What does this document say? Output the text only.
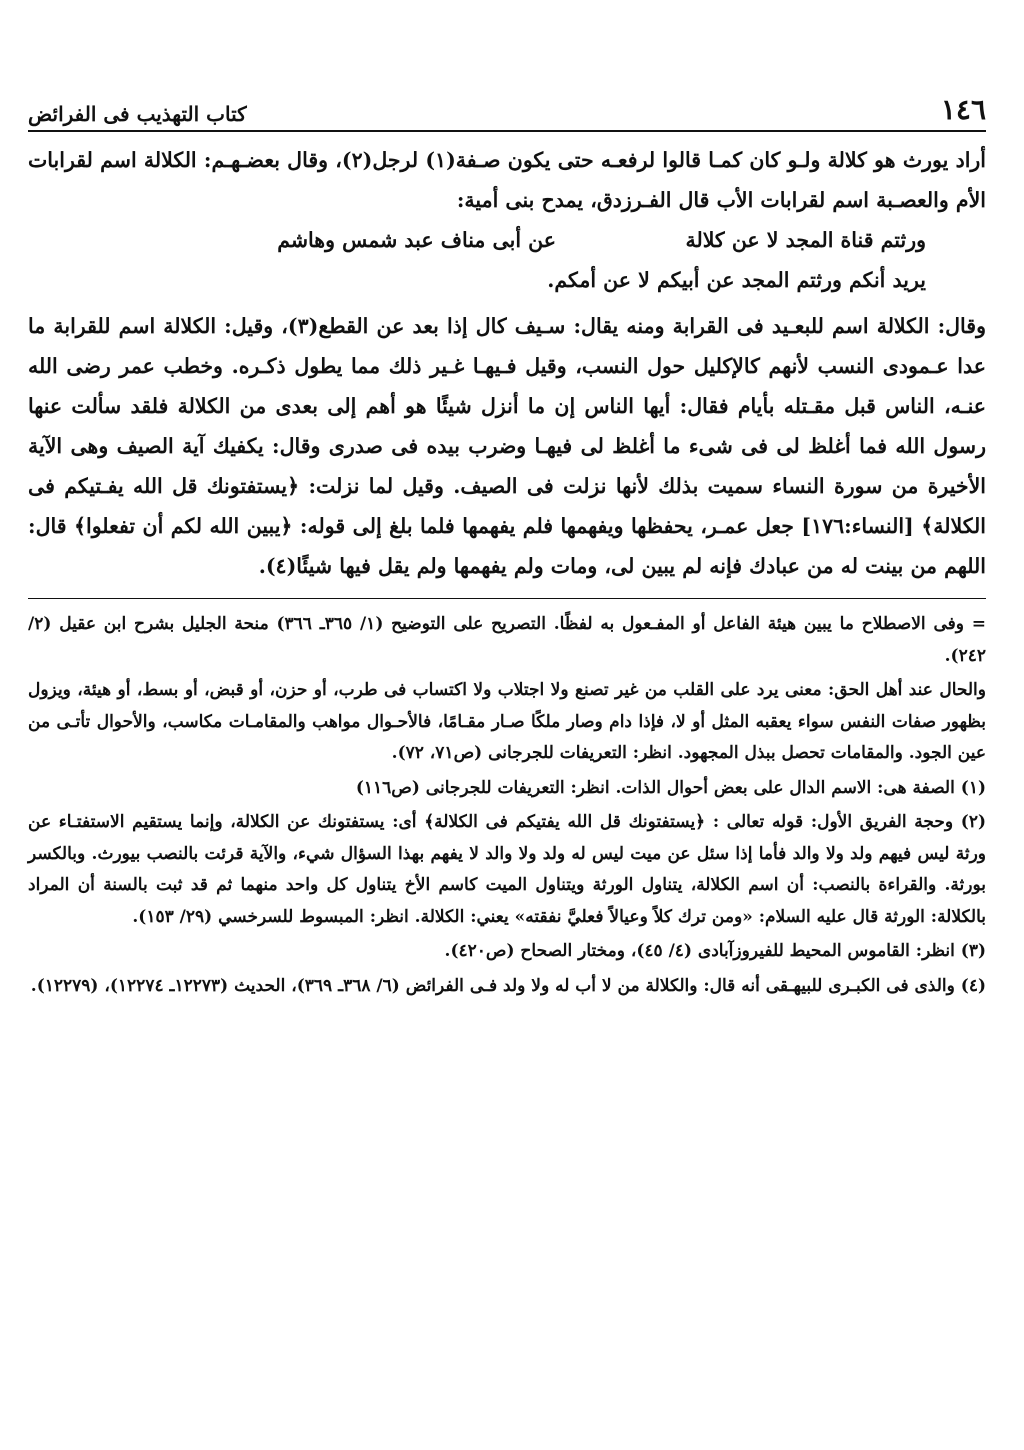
١٤٦
كتاب التهذيب فى الفرائض

أراد يورث هو كلالة ولـو كان كمـا قالوا لرفعـه حتى يكون صـفة(١) لرجل(٢)، وقال بعضـهـم: الكلالة اسم لقرابات الأم والعصـبة اسم لقرابات الأب قال الفـرزدق، يمدح بنى أمية:

ورثتم قناة المجد لا عن كلالة
عن أبى مناف عبد شمس وهاشم
يريد أنكم ورثتم المجد عن أبيكم لا عن أمكم.

وقال: الكلالة اسم للبعـيد فى القرابة ومنه يقال: سـيف كال إذا بعد عن القطع(٣)، وقيل: الكلالة اسم للقرابة ما عدا عـمودى النسب لأنهم كالإكليل حول النسب، وقيل فـيهـا غـير ذلك مما يطول ذكـره. وخطب عمر رضى الله عنـه، الناس قبل مقـتله بأيام فقال: أيها الناس إن ما أنزل شيئًا هو أهم إلى بعدى من الكلالة فلقد سألت عنها رسول الله فما أغلظ لى فى شىء ما أغلظ لى فيهـا وضرب بيده فى صدرى وقال: يكفيك آية الصيف وهى الآية الأخيرة من سورة النساء سميت بذلك لأنها نزلت فى الصيف. وقيل لما نزلت: ﴿يستفتونك قل الله يفـتيكم فى الكلالة﴾ [النساء:١٧٦] جعل عمـر، يحفظها ويفهمها فلم يفهمها فلما بلغ إلى قوله: ﴿يبين الله لكم أن تفعلوا﴾ قال: اللهم من بينت له من عبادك فإنه لم يبين لى، ومات ولم يفهمها ولم يقل فيها شيئًا(٤).

= وفى الاصطلاح ما يبين هيئة الفاعل أو المفـعول به لفظًا. التصريح على التوضيح (١/ ٣٦٥ـ ٣٦٦) منحة الجليل بشرح ابن عقيل (٢/ ٢٤٢).

والحال عند أهل الحق: معنى يرد على القلب من غير تصنع ولا اجتلاب ولا اكتساب فى طرب، أو حزن، أو قبض، أو بسط، أو هيئة، ويزول بظهور صفات النفس سواء يعقبه المثل أو لا، فإذا دام وصار ملكًا صـار مقـامًا، فالأحـوال مواهب والمقامـات مكاسب، والأحوال تأتـى من عين الجود. والمقامات تحصل ببذل المجهود. انظر: التعريفات للجرجانى (ص٧١، ٧٢).

(١) الصفة هى: الاسم الدال على بعض أحوال الذات. انظر: التعريفات للجرجانى (ص١١٦)

(٢) وحجة الفريق الأول: قوله تعالى : ﴿يستفتونك قل الله يفتيكم فى الكلالة﴾ أى: يستفتونك عن الكلالة، وإنما يستقيم الاستفتـاء عن ورثة ليس فيهم ولد ولا والد فأما إذا سئل عن ميت ليس له ولد ولا والد لا يفهم بهذا السؤال شيء، والآية قرئت بالنصب بيورث. وبالكسر بورثة. والقراءة بالنصب: أن اسم الكلالة، يتناول الورثة ويتناول الميت كاسم الأخ يتناول كل واحد منهما ثم قد ثبت بالسنة أن المراد بالكلالة: الورثة قال عليه السلام: «ومن ترك كلاً وعيالاً فعليَّ نفقته» يعني: الكلالة. انظر: المبسوط للسرخسي (٢٩/ ١٥٣).

(٣) انظر: القاموس المحيط للفيروزآبادى (٤/ ٤٥)، ومختار الصحاح (ص٤٢٠).

(٤) والذى فى الكبـرى للبيهـقى أنه قال: والكلالة من لا أب له ولا ولد فـى الفرائض (٦/ ٣٦٨ـ ٣٦٩)، الحديث (١٢٢٧٣ـ ١٢٢٧٤)، (١٢٢٧٩).
